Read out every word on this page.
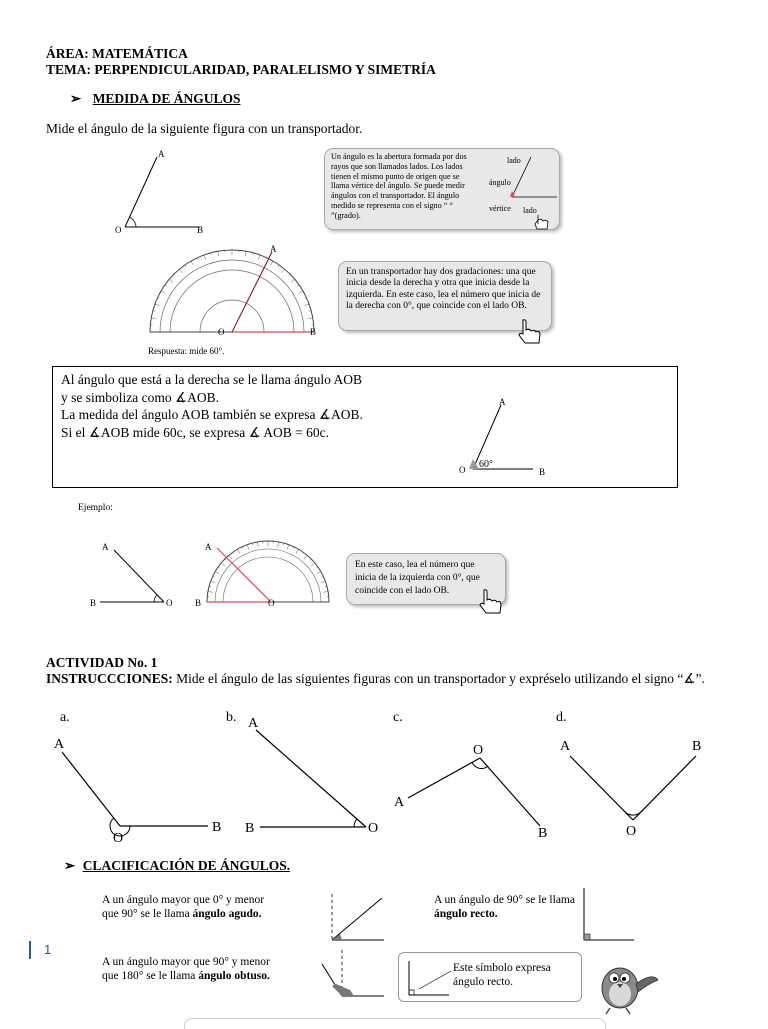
ÁREA: MATEMÁTICA
TEMA: PERPENDICULARIDAD, PARALELISMO Y SIMETRÍA
➢ MEDIDA DE ÁNGULOS
Mide el ángulo de la siguiente figura con un transportador.
A
O	B
Un ángulo es la abertura formada por dos rayos que son llamados lados. Los lados tienen el mismo punto de origen que se llama vértice del ángulo. Se puede medir ángulos con el transportador. El ángulo medido se representa con el signo “ ° ”(grado).
lado
ángulo
vértice lado
A
O	B
Respuesta: mide 60°.
En un transportador hay dos gradaciones: una que inicia desde la derecha y otra que inicia desde la izquierda. En este caso, lea el número que inicia de la derecha con 0°, que coincide con el lado OB.
Al ángulo que está a la derecha se le llama ángulo AOB
y se simboliza como ∡AOB.
La medida del ángulo AOB también se expresa ∡AOB.
Si el ∡AOB mide 60c, se expresa ∡ AOB = 60c.
A
O	B
60°
Ejemplo:
A
B	O
A
B	O
En este caso, lea el número que inicia de la izquierda con 0°, que coincide con el lado OB.
ACTIVIDAD No. 1
INSTRUCCCIONES: Mide el ángulo de las siguientes figuras con un transportador y expréselo utilizando el signo “∡”.
a.
A
O
B
b. A
B	O
c.
A
O
B
d.
A
O
B
➢ CLACIFICACIÓN DE ÁNGULOS.
A un ángulo mayor que 0° y menor que 90° se le llama ángulo agudo.
A un ángulo de 90° se le llama ángulo recto.
A un ángulo mayor que 90° y menor que 180° se le llama ángulo obtuso.
Este símbolo expresa ángulo recto.
1
